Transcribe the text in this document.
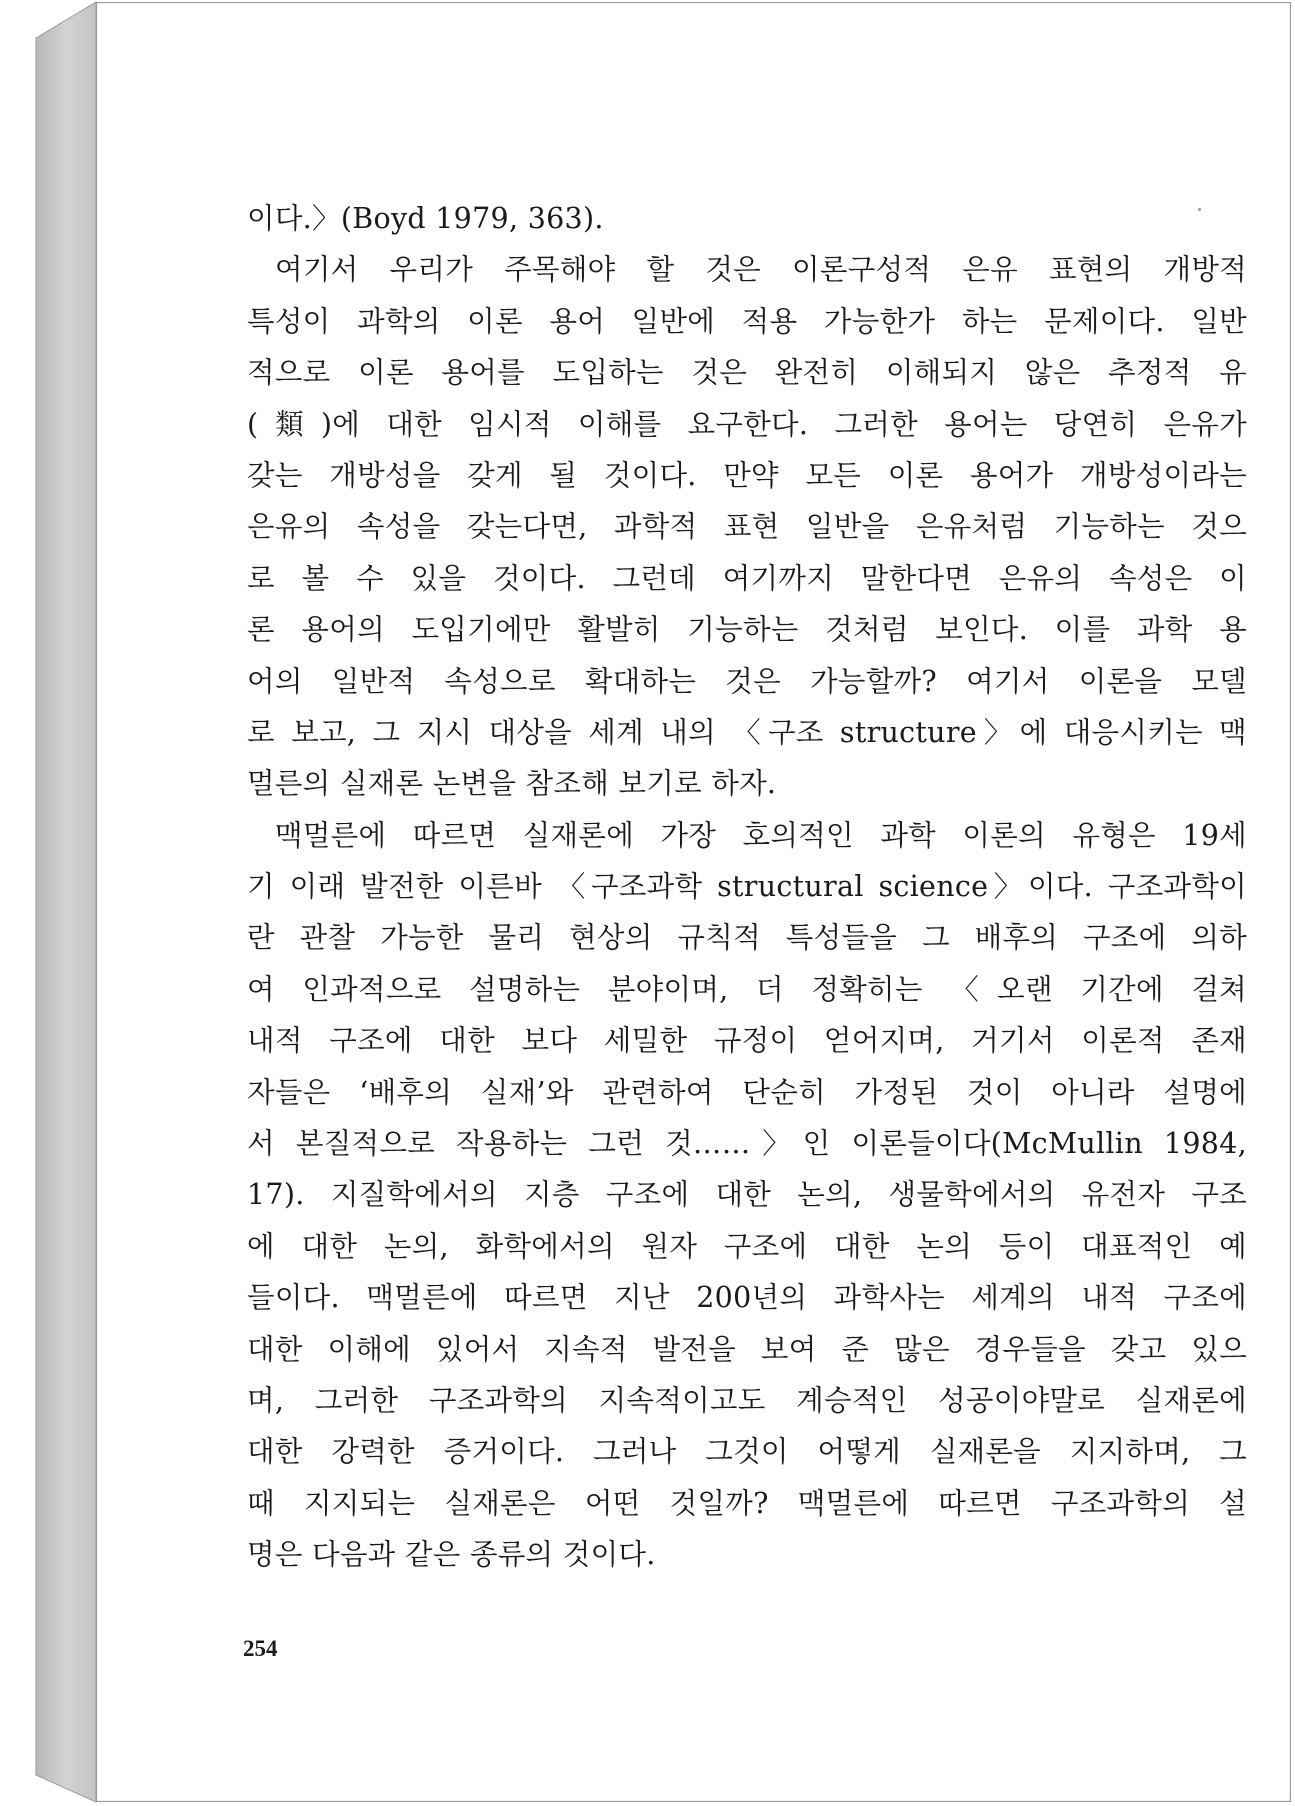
이다.〉(Boyd 1979, 363).
여기서 우리가 주목해야 할 것은 이론구성적 은유 표현의 개방적
특성이 과학의 이론 용어 일반에 적용 가능한가 하는 문제이다. 일반
적으로 이론 용어를 도입하는 것은 완전히 이해되지 않은 추정적 유
(類)에 대한 임시적 이해를 요구한다. 그러한 용어는 당연히 은유가
갖는 개방성을 갖게 될 것이다. 만약 모든 이론 용어가 개방성이라는
은유의 속성을 갖는다면, 과학적 표현 일반을 은유처럼 기능하는 것으
로 볼 수 있을 것이다. 그런데 여기까지 말한다면 은유의 속성은 이
론 용어의 도입기에만 활발히 기능하는 것처럼 보인다. 이를 과학 용
어의 일반적 속성으로 확대하는 것은 가능할까? 여기서 이론을 모델
로 보고, 그 지시 대상을 세계 내의 〈구조 structure〉에 대응시키는 맥
멀른의 실재론 논변을 참조해 보기로 하자.
맥멀른에 따르면 실재론에 가장 호의적인 과학 이론의 유형은 19세
기 이래 발전한 이른바 〈구조과학 structural science〉이다. 구조과학이
란 관찰 가능한 물리 현상의 규칙적 특성들을 그 배후의 구조에 의하
여 인과적으로 설명하는 분야이며, 더 정확히는 〈오랜 기간에 걸쳐
내적 구조에 대한 보다 세밀한 규정이 얻어지며, 거기서 이론적 존재
자들은 ‘배후의 실재’와 관련하여 단순히 가정된 것이 아니라 설명에
서 본질적으로 작용하는 그런 것……〉인 이론들이다(McMullin 1984,
17). 지질학에서의 지층 구조에 대한 논의, 생물학에서의 유전자 구조
에 대한 논의, 화학에서의 원자 구조에 대한 논의 등이 대표적인 예
들이다. 맥멀른에 따르면 지난 200년의 과학사는 세계의 내적 구조에
대한 이해에 있어서 지속적 발전을 보여 준 많은 경우들을 갖고 있으
며, 그러한 구조과학의 지속적이고도 계승적인 성공이야말로 실재론에
대한 강력한 증거이다. 그러나 그것이 어떻게 실재론을 지지하며, 그
때 지지되는 실재론은 어떤 것일까? 맥멀른에 따르면 구조과학의 설
명은 다음과 같은 종류의 것이다.
254
